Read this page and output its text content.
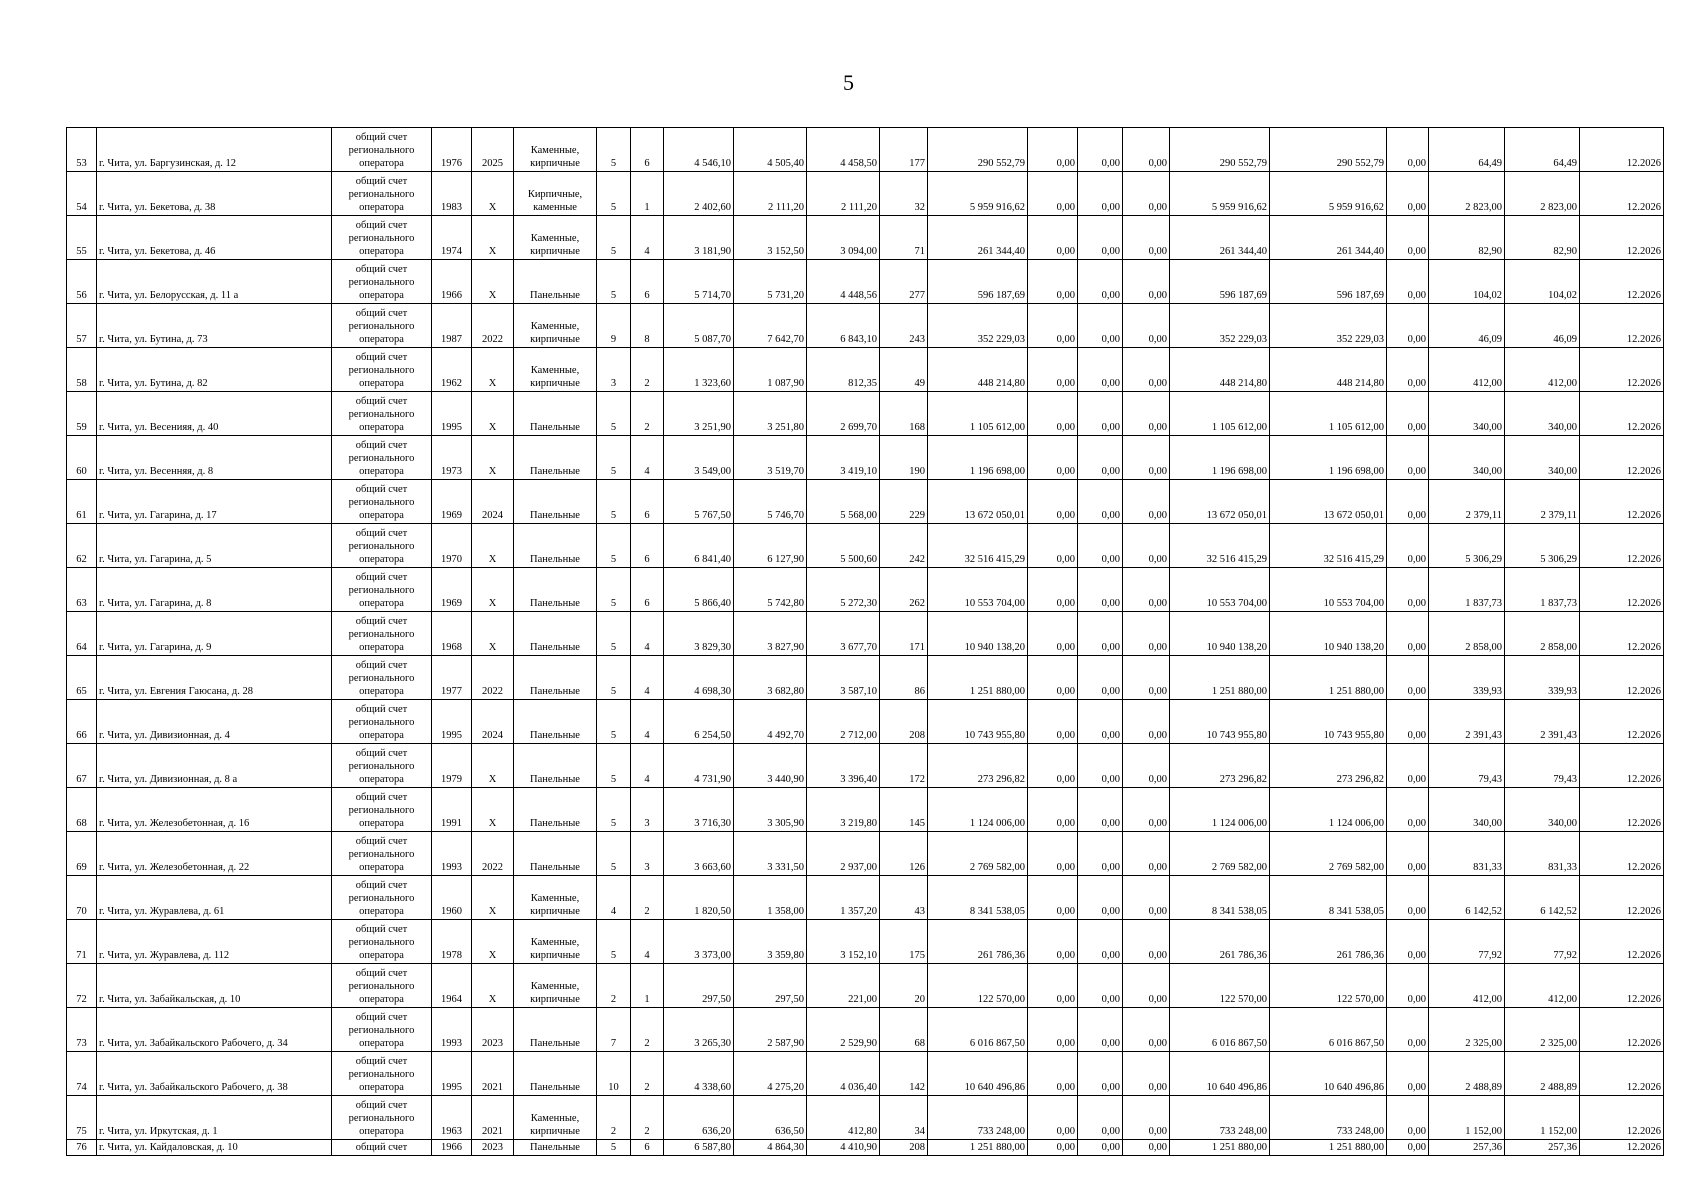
5
53	г. Чита, ул. Баргузинская, д. 12	общий счет регионального оператора	1976	2025	Каменные, кирпичные	5	6	4 546,10	4 505,40	4 458,50	177	290 552,79	0,00	0,00	0,00	290 552,79	290 552,79	0,00	64,49	64,49	12.2026
54	г. Чита, ул. Бекетова, д. 38	общий счет регионального оператора	1983	Х	Кирпичные, каменные	5	1	2 402,60	2 111,20	2 111,20	32	5 959 916,62	0,00	0,00	0,00	5 959 916,62	5 959 916,62	0,00	2 823,00	2 823,00	12.2026
55	г. Чита, ул. Бекетова, д. 46	общий счет регионального оператора	1974	Х	Каменные, кирпичные	5	4	3 181,90	3 152,50	3 094,00	71	261 344,40	0,00	0,00	0,00	261 344,40	261 344,40	0,00	82,90	82,90	12.2026
56	г. Чита, ул. Белорусская, д. 11 а	общий счет регионального оператора	1966	Х	Панельные	5	6	5 714,70	5 731,20	4 448,56	277	596 187,69	0,00	0,00	0,00	596 187,69	596 187,69	0,00	104,02	104,02	12.2026
57	г. Чита, ул. Бутина, д. 73	общий счет регионального оператора	1987	2022	Каменные, кирпичные	9	8	5 087,70	7 642,70	6 843,10	243	352 229,03	0,00	0,00	0,00	352 229,03	352 229,03	0,00	46,09	46,09	12.2026
58	г. Чита, ул. Бутина, д. 82	общий счет регионального оператора	1962	Х	Каменные, кирпичные	3	2	1 323,60	1 087,90	812,35	49	448 214,80	0,00	0,00	0,00	448 214,80	448 214,80	0,00	412,00	412,00	12.2026
59	г. Чита, ул. Весенияя, д. 40	общий счет регионального оператора	1995	Х	Панельные	5	2	3 251,90	3 251,80	2 699,70	168	1 105 612,00	0,00	0,00	0,00	1 105 612,00	1 105 612,00	0,00	340,00	340,00	12.2026
60	г. Чита, ул. Весенняя, д. 8	общий счет регионального оператора	1973	Х	Панельные	5	4	3 549,00	3 519,70	3 419,10	190	1 196 698,00	0,00	0,00	0,00	1 196 698,00	1 196 698,00	0,00	340,00	340,00	12.2026
61	г. Чита, ул. Гагарина, д. 17	общий счет регионального оператора	1969	2024	Панельные	5	6	5 767,50	5 746,70	5 568,00	229	13 672 050,01	0,00	0,00	0,00	13 672 050,01	13 672 050,01	0,00	2 379,11	2 379,11	12.2026
62	г. Чита, ул. Гагарина, д. 5	общий счет регионального оператора	1970	Х	Панельные	5	6	6 841,40	6 127,90	5 500,60	242	32 516 415,29	0,00	0,00	0,00	32 516 415,29	32 516 415,29	0,00	5 306,29	5 306,29	12.2026
63	г. Чита, ул. Гагарина, д. 8	общий счет регионального оператора	1969	Х	Панельные	5	6	5 866,40	5 742,80	5 272,30	262	10 553 704,00	0,00	0,00	0,00	10 553 704,00	10 553 704,00	0,00	1 837,73	1 837,73	12.2026
64	г. Чита, ул. Гагарина, д. 9	общий счет регионального оператора	1968	Х	Панельные	5	4	3 829,30	3 827,90	3 677,70	171	10 940 138,20	0,00	0,00	0,00	10 940 138,20	10 940 138,20	0,00	2 858,00	2 858,00	12.2026
65	г. Чита, ул. Евгения Гаюсана, д. 28	общий счет регионального оператора	1977	2022	Панельные	5	4	4 698,30	3 682,80	3 587,10	86	1 251 880,00	0,00	0,00	0,00	1 251 880,00	1 251 880,00	0,00	339,93	339,93	12.2026
66	г. Чита, ул. Дивизионная, д. 4	общий счет регионального оператора	1995	2024	Панельные	5	4	6 254,50	4 492,70	2 712,00	208	10 743 955,80	0,00	0,00	0,00	10 743 955,80	10 743 955,80	0,00	2 391,43	2 391,43	12.2026
67	г. Чита, ул. Дивизионная, д. 8 а	общий счет регионального оператора	1979	Х	Панельные	5	4	4 731,90	3 440,90	3 396,40	172	273 296,82	0,00	0,00	0,00	273 296,82	273 296,82	0,00	79,43	79,43	12.2026
68	г. Чита, ул. Железобетонная, д. 16	общий счет регионального оператора	1991	Х	Панельные	5	3	3 716,30	3 305,90	3 219,80	145	1 124 006,00	0,00	0,00	0,00	1 124 006,00	1 124 006,00	0,00	340,00	340,00	12.2026
69	г. Чита, ул. Железобетонная, д. 22	общий счет регионального оператора	1993	2022	Панельные	5	3	3 663,60	3 331,50	2 937,00	126	2 769 582,00	0,00	0,00	0,00	2 769 582,00	2 769 582,00	0,00	831,33	831,33	12.2026
70	г. Чита, ул. Журавлева, д. 61	общий счет регионального оператора	1960	Х	Каменные, кирпичные	4	2	1 820,50	1 358,00	1 357,20	43	8 341 538,05	0,00	0,00	0,00	8 341 538,05	8 341 538,05	0,00	6 142,52	6 142,52	12.2026
71	г. Чита, ул. Журавлева, д. 112	общий счет регионального оператора	1978	Х	Каменные, кирпичные	5	4	3 373,00	3 359,80	3 152,10	175	261 786,36	0,00	0,00	0,00	261 786,36	261 786,36	0,00	77,92	77,92	12.2026
72	г. Чита, ул. Забайкальская, д. 10	общий счет регионального оператора	1964	Х	Каменные, кирпичные	2	1	297,50	297,50	221,00	20	122 570,00	0,00	0,00	0,00	122 570,00	122 570,00	0,00	412,00	412,00	12.2026
73	г. Чита, ул. Забайкальского Рабочего, д. 34	общий счет регионального оператора	1993	2023	Панельные	7	2	3 265,30	2 587,90	2 529,90	68	6 016 867,50	0,00	0,00	0,00	6 016 867,50	6 016 867,50	0,00	2 325,00	2 325,00	12.2026
74	г. Чита, ул. Забайкальского Рабочего, д. 38	общий счет регионального оператора	1995	2021	Панельные	10	2	4 338,60	4 275,20	4 036,40	142	10 640 496,86	0,00	0,00	0,00	10 640 496,86	10 640 496,86	0,00	2 488,89	2 488,89	12.2026
75	г. Чита, ул. Иркутская, д. 1	общий счет регионального оператора	1963	2021	Каменные, кирпичные	2	2	636,20	636,50	412,80	34	733 248,00	0,00	0,00	0,00	733 248,00	733 248,00	0,00	1 152,00	1 152,00	12.2026
76	г. Чита, ул. Кайдаловская, д. 10	общий счет	1966	2023	Панельные	5	6	6 587,80	4 864,30	4 410,90	208	1 251 880,00	0,00	0,00	0,00	1 251 880,00	1 251 880,00	0,00	257,36	257,36	12.2026
